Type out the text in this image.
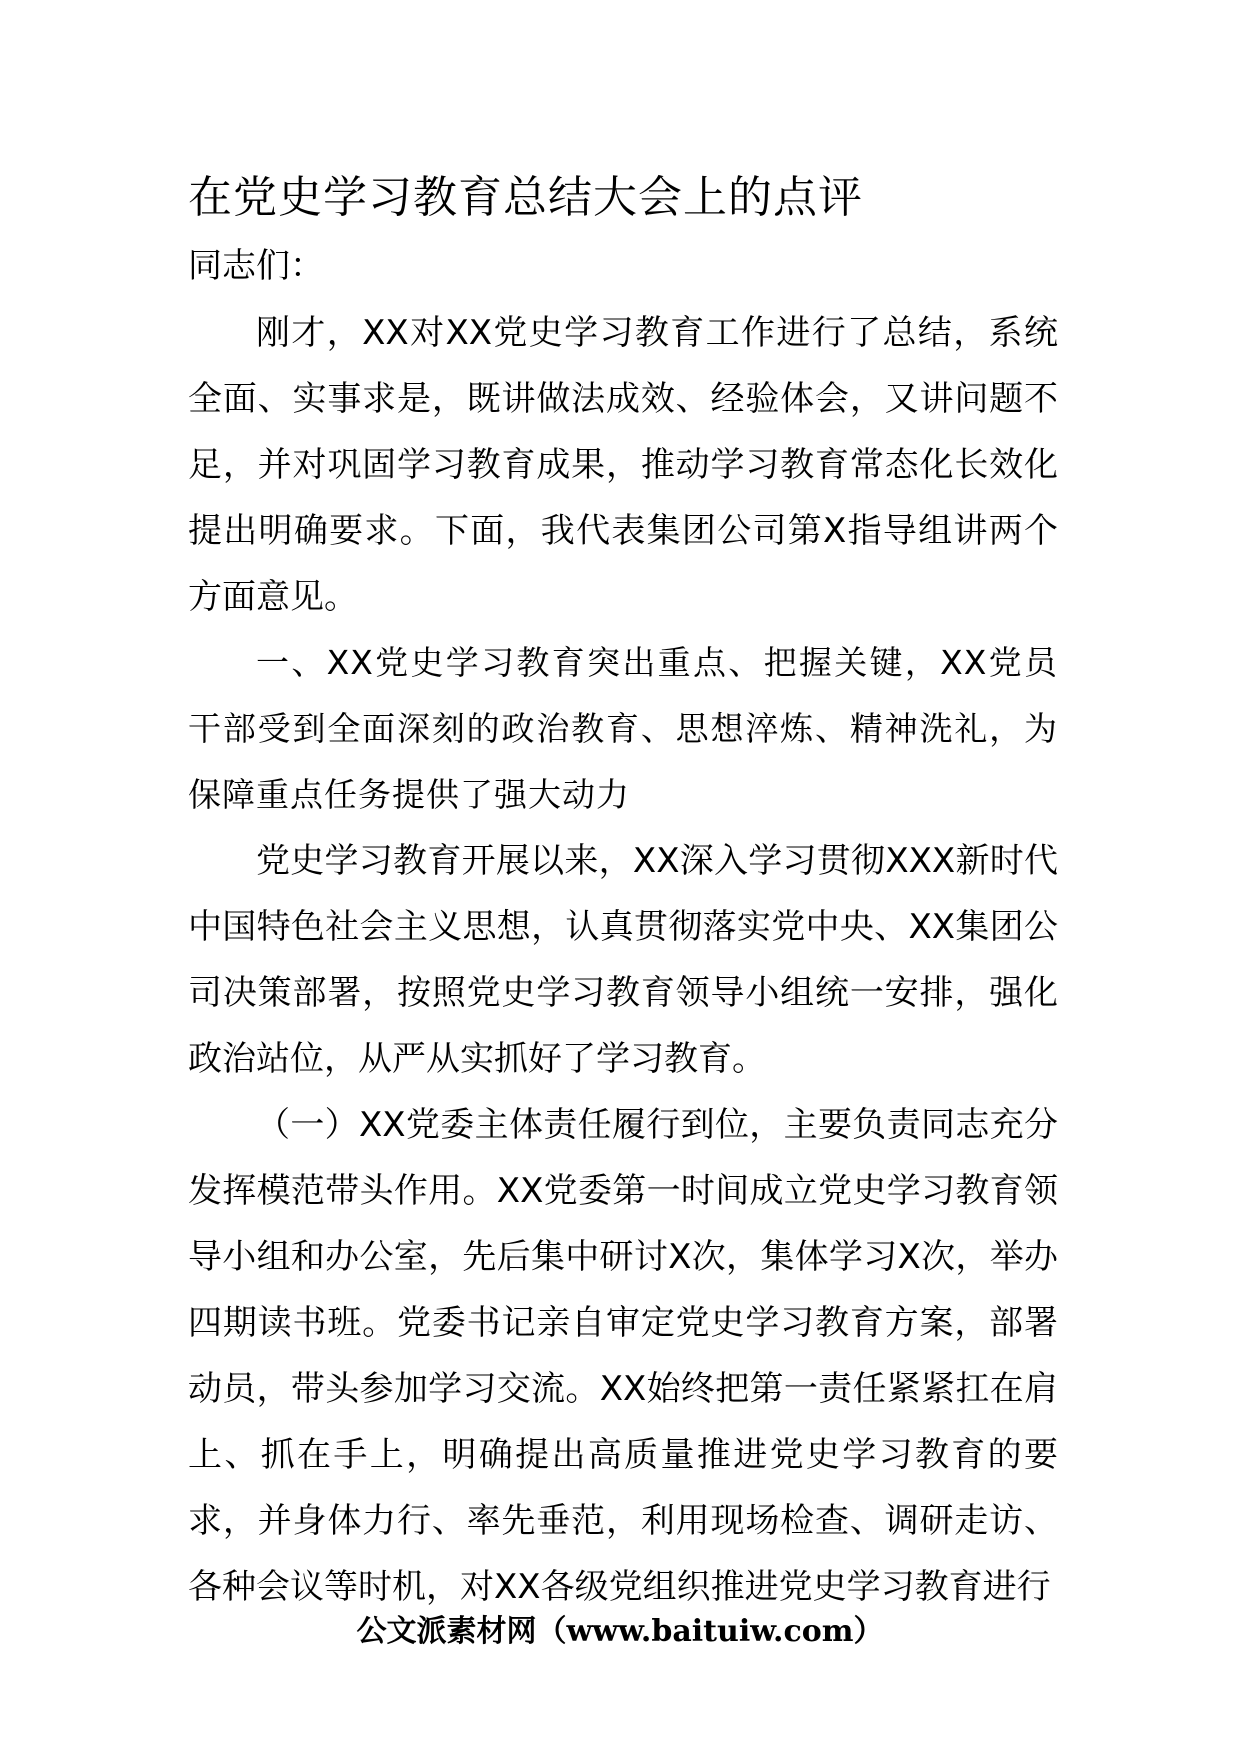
在党史学习教育总结大会上的点评
同志们：

刚才，XX对XX党史学习教育工作进行了总结，系统全面、实事求是，既讲做法成效、经验体会，又讲问题不足，并对巩固学习教育成果，推动学习教育常态化长效化提出明确要求。下面，我代表集团公司第X指导组讲两个方面意见。

一、XX党史学习教育突出重点、把握关键，XX党员干部受到全面深刻的政治教育、思想淬炼、精神洗礼，为保障重点任务提供了强大动力

党史学习教育开展以来，XX深入学习贯彻XXX新时代中国特色社会主义思想，认真贯彻落实党中央、XX集团公司决策部署，按照党史学习教育领导小组统一安排，强化政治站位，从严从实抓好了学习教育。

（一）XX党委主体责任履行到位，主要负责同志充分发挥模范带头作用。XX党委第一时间成立党史学习教育领导小组和办公室，先后集中研讨X次，集体学习X次，举办四期读书班。党委书记亲自审定党史学习教育方案，部署动员，带头参加学习交流。XX始终把第一责任紧紧扛在肩上、抓在手上，明确提出高质量推进党史学习教育的要求，并身体力行、率先垂范，利用现场检查、调研走访、各种会议等时机，对XX各级党组织推进党史学习教育进行

公文派素材网（www.baituiw.com）
